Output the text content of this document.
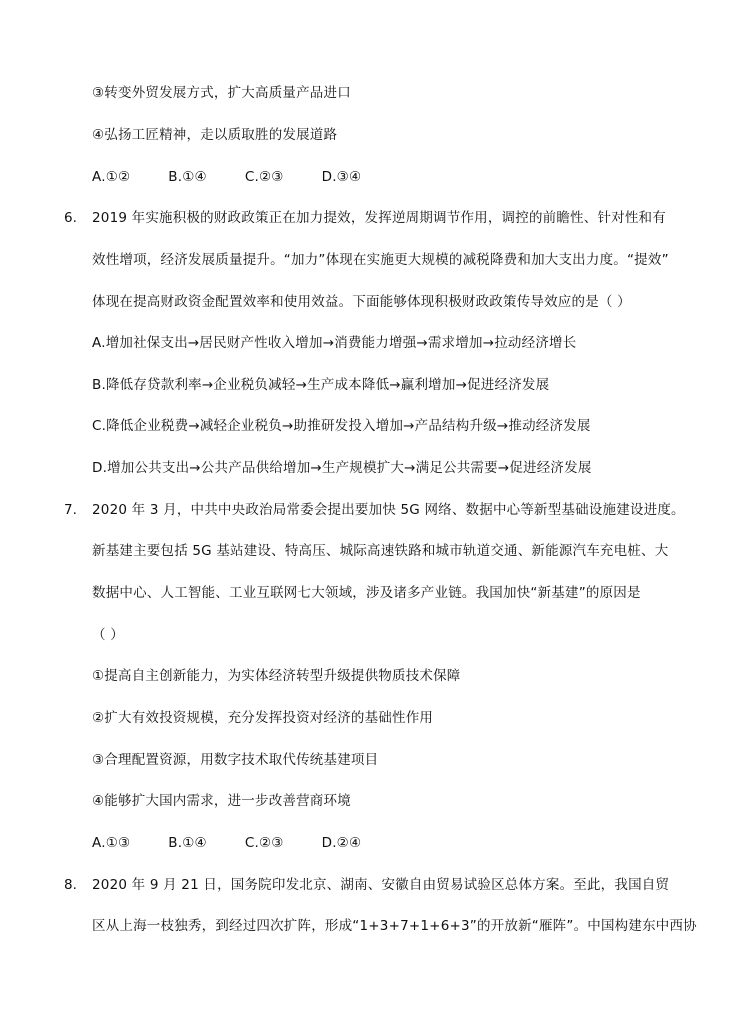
③转变外贸发展方式，扩大高质量产品进口
④弘扬工匠精神，走以质取胜的发展道路
A.①②	B.①④	C.②③	D.③④
6. 2019 年实施积极的财政政策正在加力提效，发挥逆周期调节作用，调控的前瞻性、针对性和有
效性增项，经济发展质量提升。“加力”体现在实施更大规模的减税降费和加大支出力度。“提效”
体现在提高财政资金配置效率和使用效益。下面能够体现积极财政政策传导效应的是（ ）
A.增加社保支出→居民财产性收入增加→消费能力增强→需求增加→拉动经济增长
B.降低存贷款利率→企业税负减轻→生产成本降低→赢利增加→促进经济发展
C.降低企业税费→减轻企业税负→助推研发投入增加→产品结构升级→推动经济发展
D.增加公共支出→公共产品供给增加→生产规模扩大→满足公共需要→促进经济发展
7. 2020 年 3 月，中共中央政治局常委会提出要加快 5G 网络、数据中心等新型基础设施建设进度。
新基建主要包括 5G 基站建设、特高压、城际高速铁路和城市轨道交通、新能源汽车充电桩、大
数据中心、人工智能、工业互联网七大领域，涉及诸多产业链。我国加快“新基建”的原因是
（ ）
①提高自主创新能力，为实体经济转型升级提供物质技术保障
②扩大有效投资规模，充分发挥投资对经济的基础性作用
③合理配置资源，用数字技术取代传统基建项目
④能够扩大国内需求，进一步改善营商环境
A.①③	B.①④	C.②③	D.②④
8. 2020 年 9 月 21 日，国务院印发北京、湖南、安徽自由贸易试验区总体方案。至此，我国自贸
区从上海一枝独秀，到经过四次扩阵，形成“1+3+7+1+6+3”的开放新“雁阵”。中国构建东中西协
